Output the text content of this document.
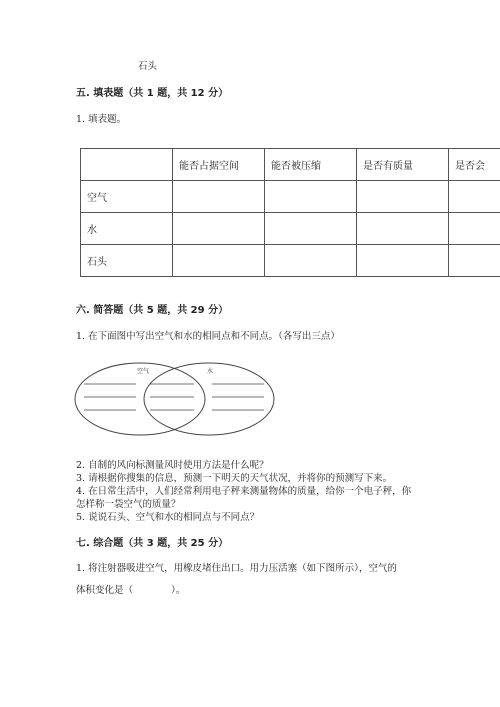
石头
五. 填表题（共 1 题，共 12 分）
1. 填表题。
	能否占据空间	能否被压缩	是否有质量	是否会
空气				
水				
石头				
六. 简答题（共 5 题，共 29 分）
1. 在下面图中写出空气和水的相同点和不同点。（各写出三点）
空气	水
2. 自制的风向标测量风时使用方法是什么呢？
3. 请根据你搜集的信息，预测一下明天的天气状况，并将你的预测写下来。
4. 在日常生活中，人们经常利用电子秤来测量物体的质量，给你一个电子秤，你
怎样称一袋空气的质量？
5. 说说石头、空气和水的相同点与不同点？
七. 综合题（共 3 题，共 25 分）
1. 将注射器吸进空气，用橡皮堵住出口。用力压活塞（如下图所示），空气的
体积变化是（　　　　）。
